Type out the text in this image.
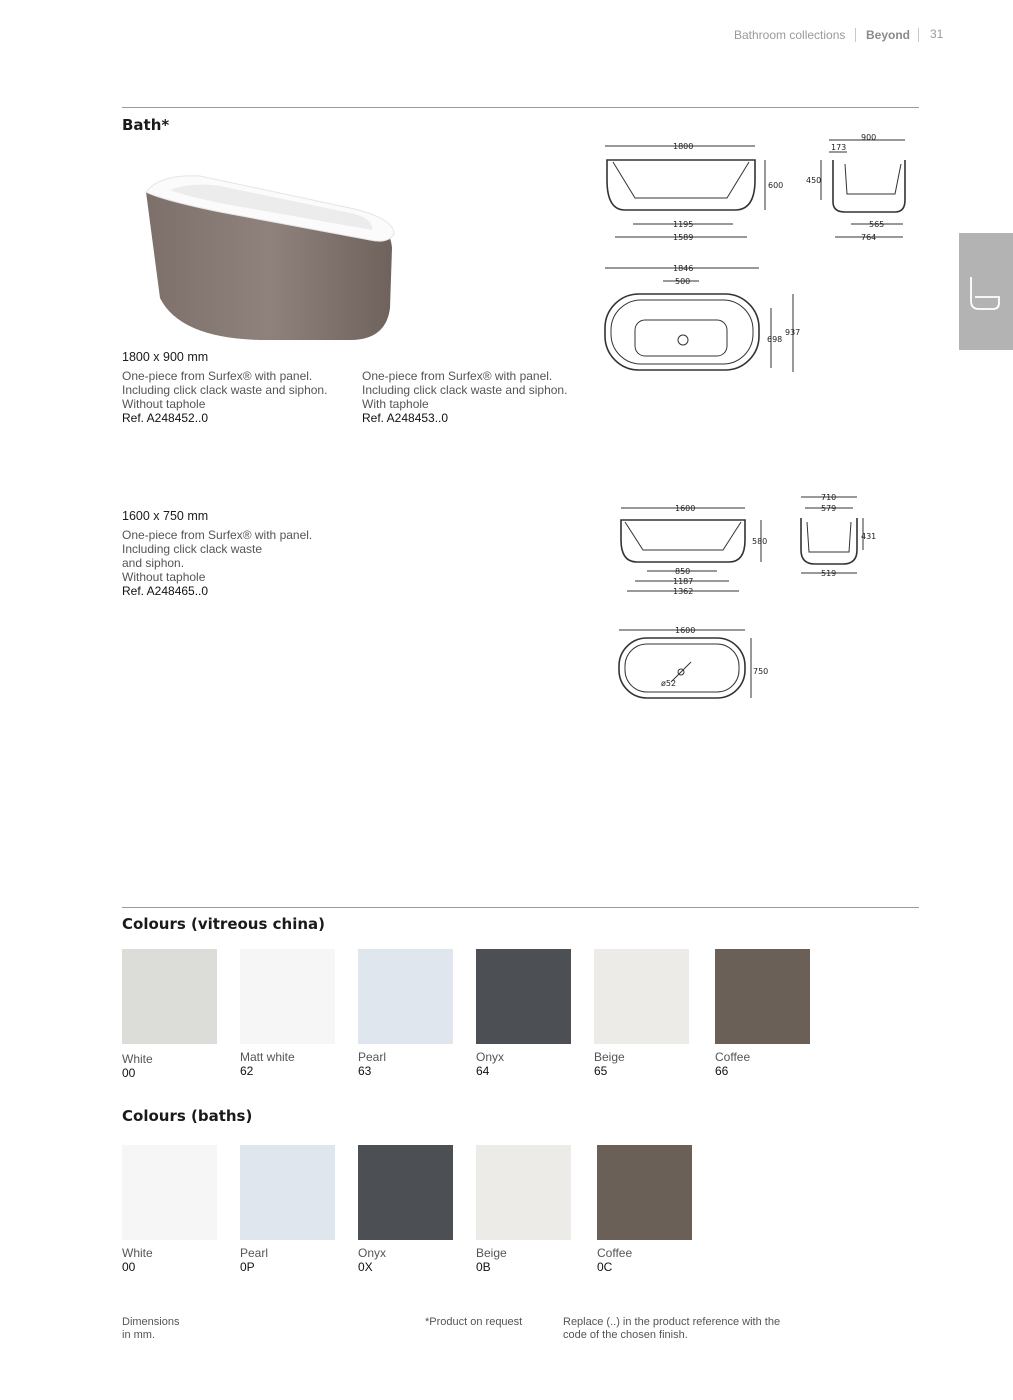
Bathroom collections Beyond 31
Bath*
1800 x 900 mm
One-piece from Surfex® with panel.
Including click clack waste and siphon.
Without taphole
Ref. A248452..0
One-piece from Surfex® with panel.
Including click clack waste and siphon.
With taphole
Ref. A248453..0
1600 x 750 mm
One-piece from Surfex® with panel.
Including click clack waste
and siphon.
Without taphole
Ref. A248465..0
1800
600
1195
1589
900
173
450
565
764
1846
500
698
937
1600
580
850
1187
1362
710
579
431
519
1600
ø52
750
Colours (vitreous china)
White
00
Matt white
62
Pearl
63
Onyx
64
Beige
65
Coffee
66
Colours (baths)
White
00
Pearl
0P
Onyx
0X
Beige
0B
Coffee
0C
Dimensions
in mm.
*Product on request	Replace (..) in the product reference with the
code of the chosen finish.
